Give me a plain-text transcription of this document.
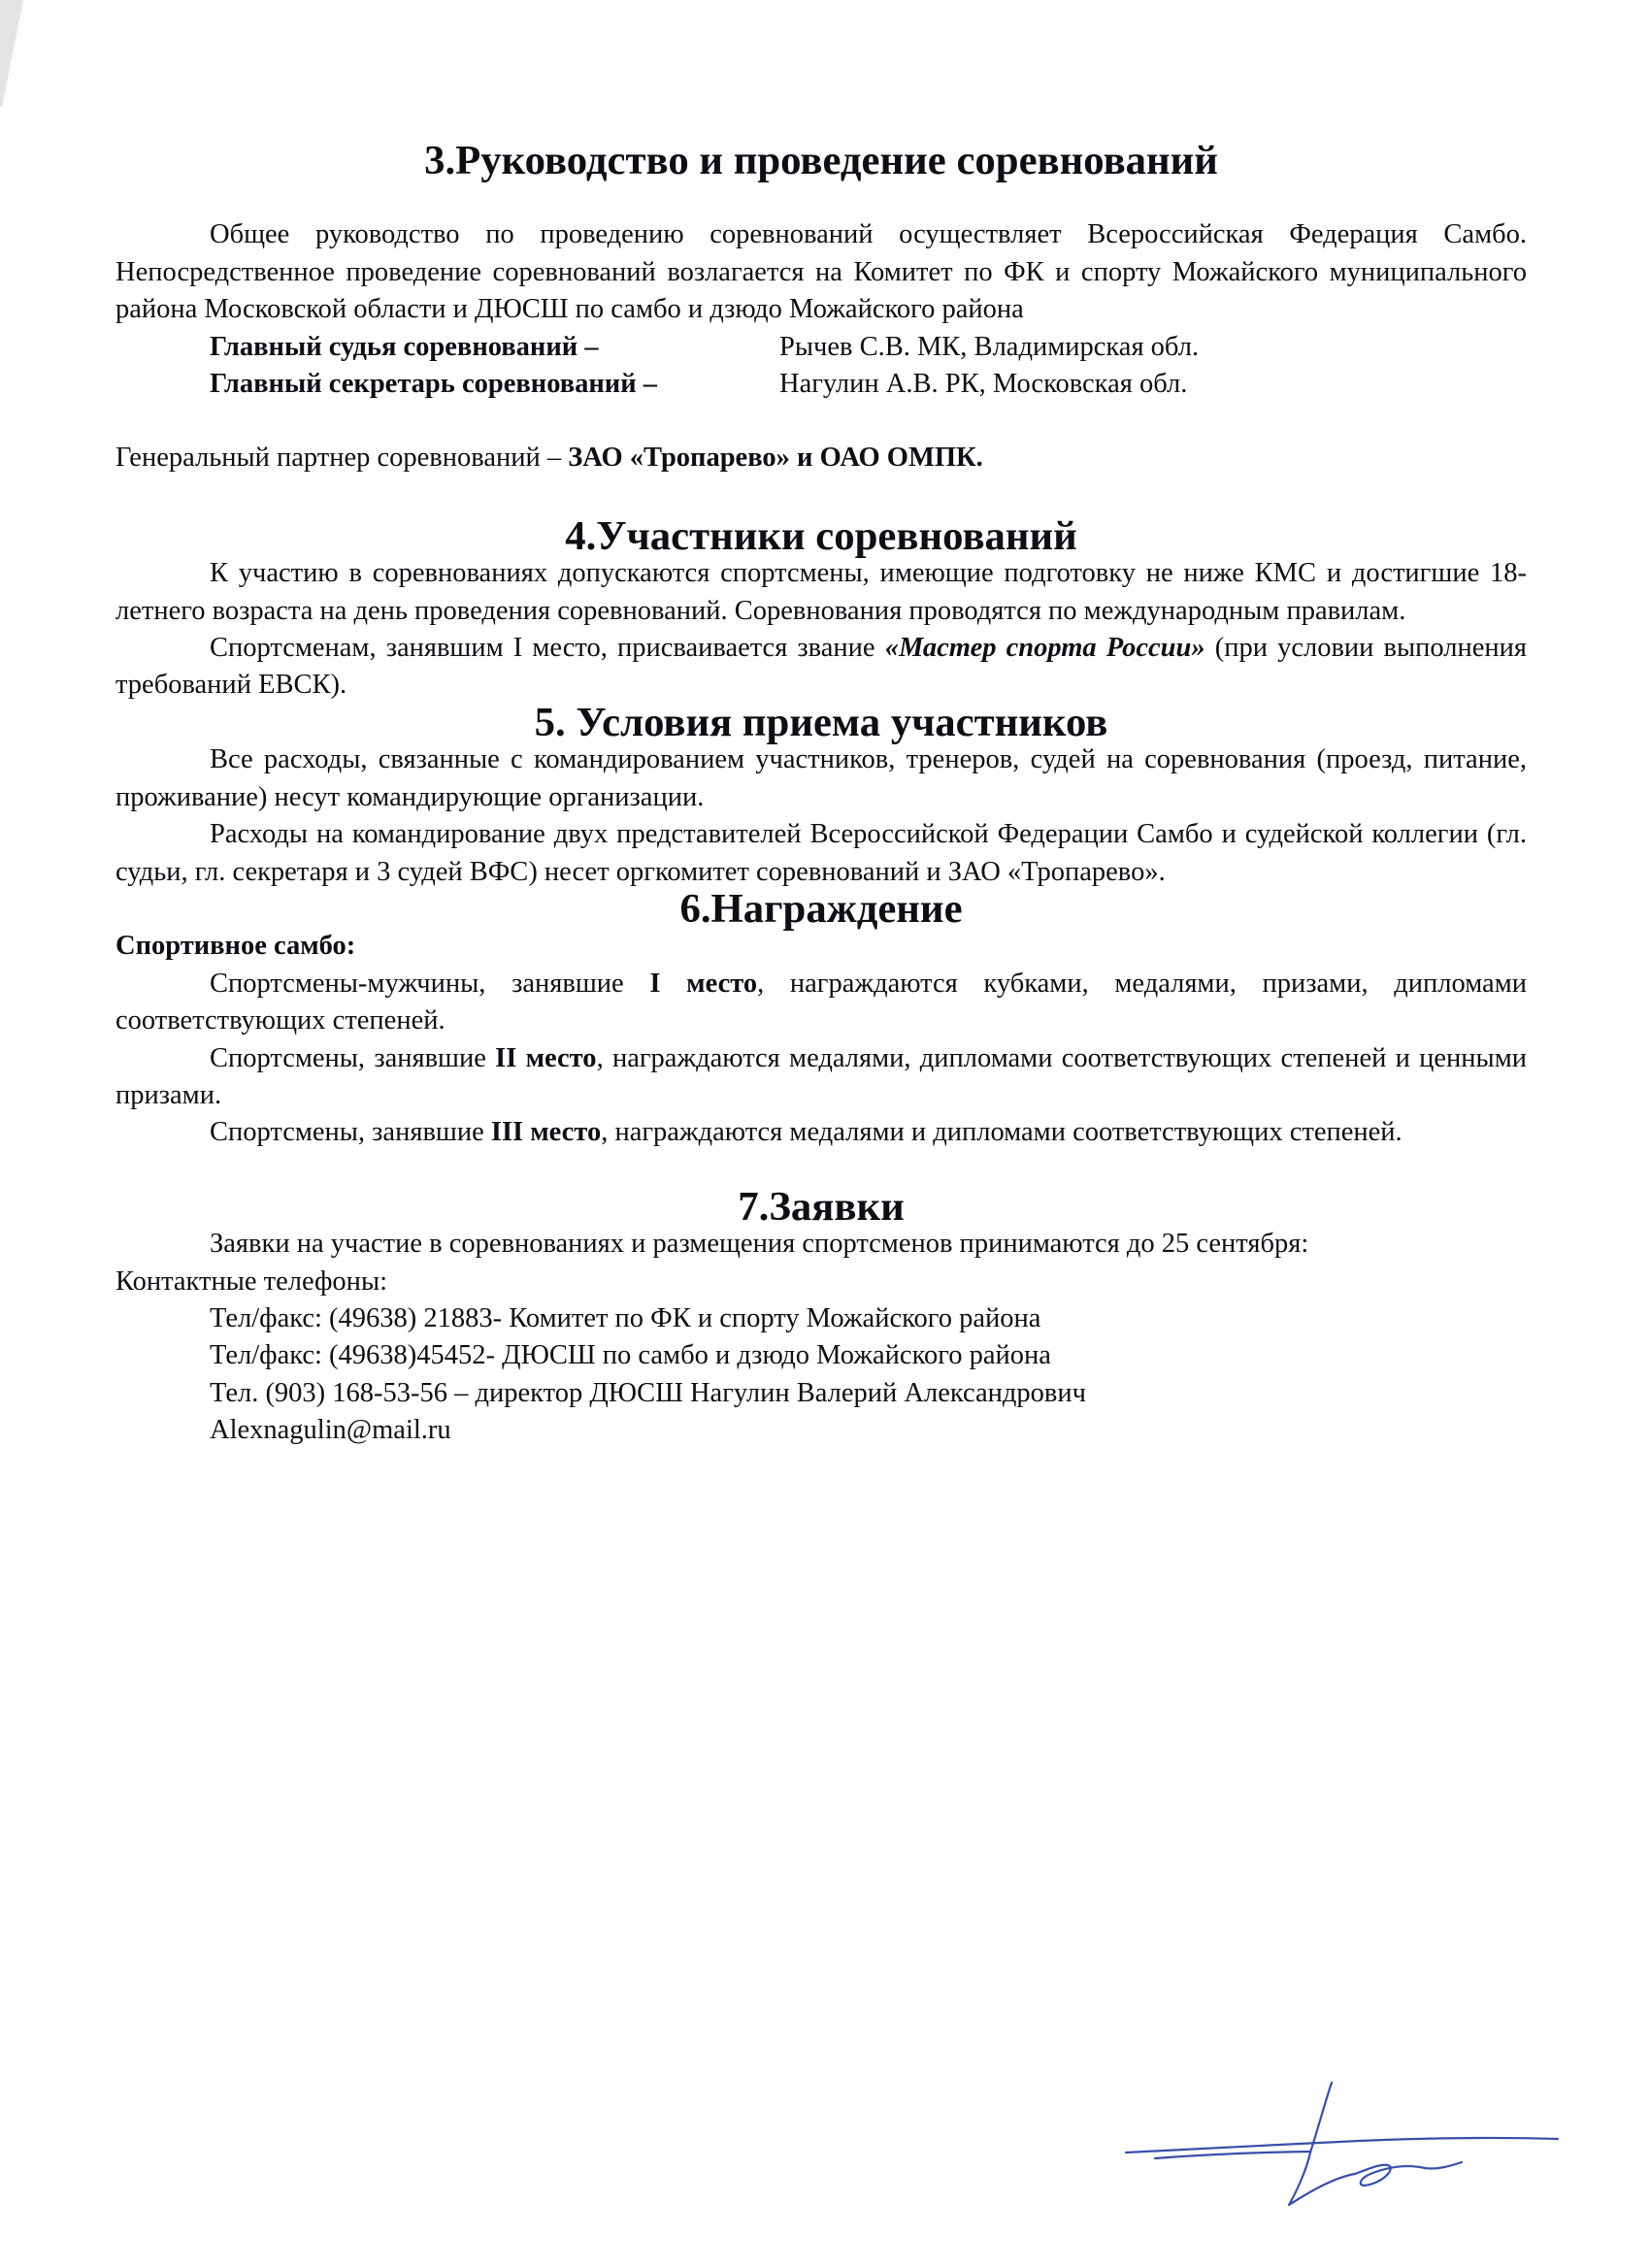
3.Руководство и проведение соревнований

Общее руководство по проведению соревнований осуществляет Всероссийская Федерация Самбо. Непосредственное проведение соревнований возлагается на Комитет по ФК и спорту Можайского муниципального района Московской области и ДЮСШ по самбо и дзюдо Можайского района

Главный судья соревнований –	Рычев С.В. МК, Владимирская обл.
Главный секретарь соревнований –	Нагулин А.В. РК, Московская обл.

Генеральный партнер соревнований – ЗАО «Тропарево» и ОАО ОМПК.

4.Участники соревнований

К участию в соревнованиях допускаются спортсмены, имеющие подготовку не ниже КМС и достигшие 18-летнего возраста на день проведения соревнований. Соревнования проводятся по международным правилам.

Спортсменам, занявшим I место, присваивается звание «Мастер спорта России» (при условии выполнения требований ЕВСК).

5. Условия приема участников

Все расходы, связанные с командированием участников, тренеров, судей на соревнования (проезд, питание, проживание) несут командирующие организации.

Расходы на командирование двух представителей Всероссийской Федерации Самбо и судейской коллегии (гл. судьи, гл. секретаря и 3 судей ВФС) несет оргкомитет соревнований и ЗАО «Тропарево».

6.Награждение

Спортивное самбо:

Спортсмены-мужчины, занявшие I место, награждаются кубками, медалями, призами, дипломами соответствующих степеней.

Спортсмены, занявшие II место, награждаются медалями, дипломами соответствующих степеней и ценными призами.

Спортсмены, занявшие III место, награждаются медалями и дипломами соответствующих степеней.

7.Заявки

Заявки на участие в соревнованиях и размещения спортсменов принимаются до 25 сентября:

Контактные телефоны:

Тел/факс: (49638) 21883- Комитет по ФК и спорту Можайского района

Тел/факс: (49638)45452- ДЮСШ по самбо и дзюдо Можайского района

Тел. (903) 168-53-56 – директор ДЮСШ Нагулин Валерий Александрович

Alexnagulin@mail.ru
